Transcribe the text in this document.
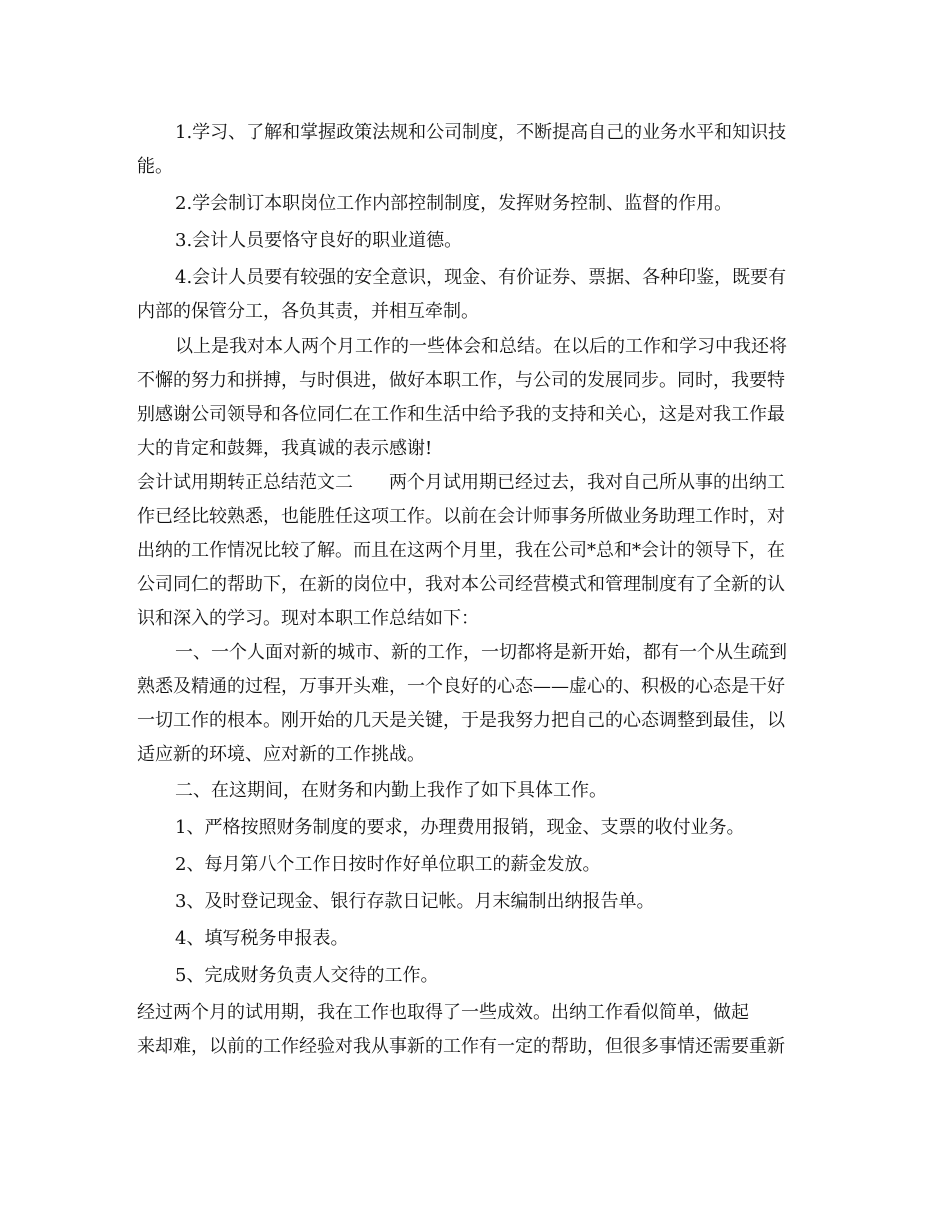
1.学习、了解和掌握政策法规和公司制度，不断提高自己的业务水平和知识技
能。
2.学会制订本职岗位工作内部控制制度，发挥财务控制、监督的作用。
3.会计人员要恪守良好的职业道德。
4.会计人员要有较强的安全意识，现金、有价证券、票据、各种印鉴，既要有
内部的保管分工，各负其责，并相互牵制。
以上是我对本人两个月工作的一些体会和总结。在以后的工作和学习中我还将
不懈的努力和拼搏，与时俱进，做好本职工作，与公司的发展同步。同时，我要特
别感谢公司领导和各位同仁在工作和生活中给予我的支持和关心，这是对我工作最
大的肯定和鼓舞，我真诚的表示感谢!
会计试用期转正总结范文二　　两个月试用期已经过去，我对自己所从事的出纳工
作已经比较熟悉，也能胜任这项工作。以前在会计师事务所做业务助理工作时，对
出纳的工作情况比较了解。而且在这两个月里，我在公司*总和*会计的领导下，在
公司同仁的帮助下，在新的岗位中，我对本公司经营模式和管理制度有了全新的认
识和深入的学习。现对本职工作总结如下：
一、一个人面对新的城市、新的工作，一切都将是新开始，都有一个从生疏到
熟悉及精通的过程，万事开头难，一个良好的心态——虚心的、积极的心态是干好
一切工作的根本。刚开始的几天是关键，于是我努力把自己的心态调整到最佳，以
适应新的环境、应对新的工作挑战。
二、在这期间，在财务和内勤上我作了如下具体工作。
1、严格按照财务制度的要求，办理费用报销，现金、支票的收付业务。
2、每月第八个工作日按时作好单位职工的薪金发放。
3、及时登记现金、银行存款日记帐。月末编制出纳报告单。
4、填写税务申报表。
5、完成财务负责人交待的工作。
经过两个月的试用期，我在工作也取得了一些成效。出纳工作看似简单，做起
来却难，以前的工作经验对我从事新的工作有一定的帮助，但很多事情还需要重新
